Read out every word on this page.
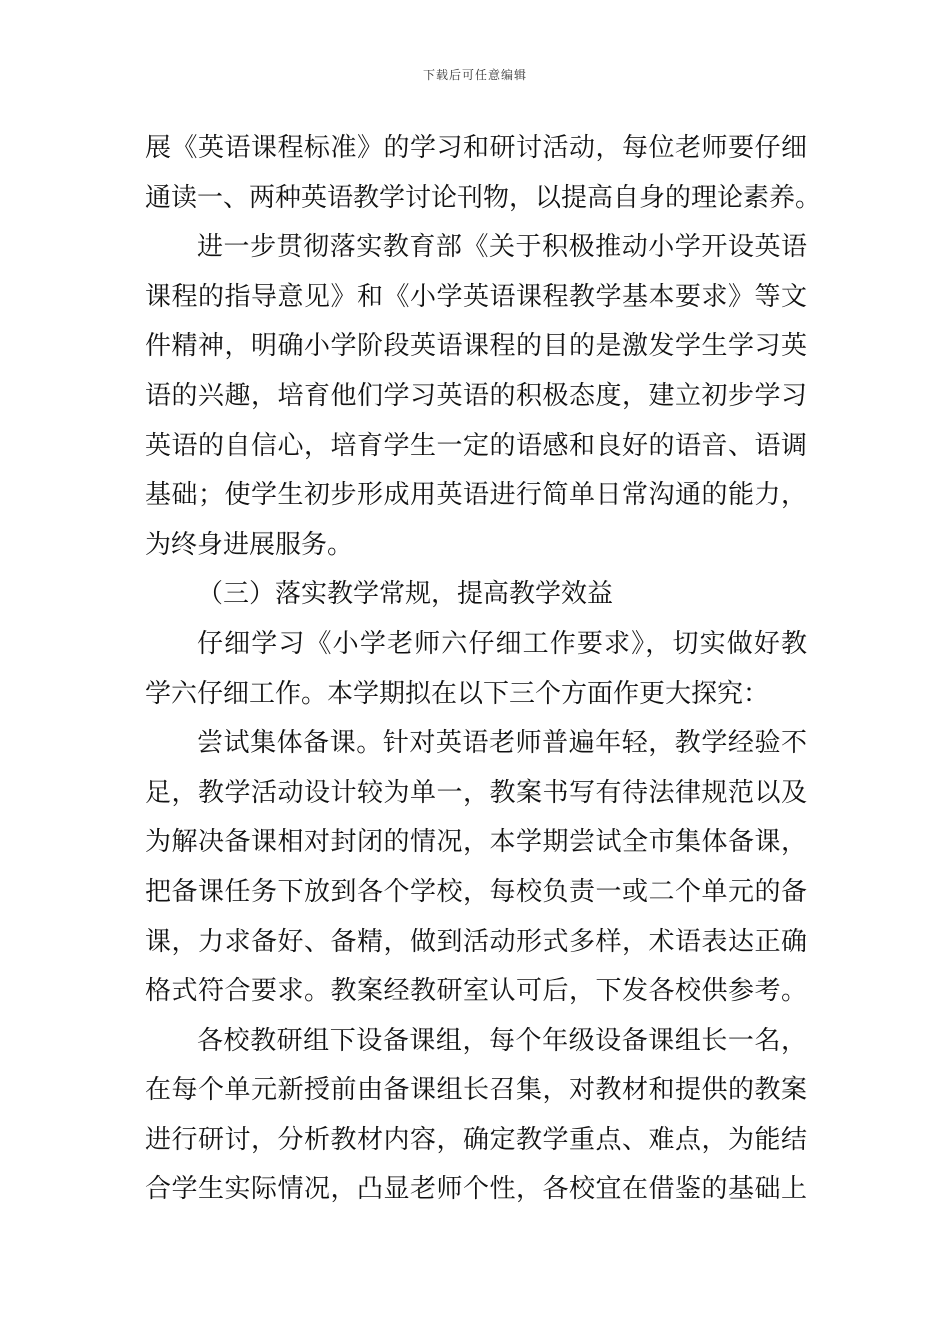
下载后可任意编辑
展《英语课程标准》的学习和研讨活动，每位老师要仔细
通读一、两种英语教学讨论刊物，以提高自身的理论素养。
进一步贯彻落实教育部《关于积极推动小学开设英语
课程的指导意见》和《小学英语课程教学基本要求》等文
件精神，明确小学阶段英语课程的目的是激发学生学习英
语的兴趣，培育他们学习英语的积极态度，建立初步学习
英语的自信心，培育学生一定的语感和良好的语音、语调
基础；使学生初步形成用英语进行简单日常沟通的能力，
为终身进展服务。
（三）落实教学常规，提高教学效益
仔细学习《小学老师六仔细工作要求》，切实做好教
学六仔细工作。本学期拟在以下三个方面作更大探究：
尝试集体备课。针对英语老师普遍年轻，教学经验不
足，教学活动设计较为单一，教案书写有待法律规范以及
为解决备课相对封闭的情况，本学期尝试全市集体备课，
把备课任务下放到各个学校，每校负责一或二个单元的备
课，力求备好、备精，做到活动形式多样，术语表达正确
格式符合要求。教案经教研室认可后，下发各校供参考。
各校教研组下设备课组，每个年级设备课组长一名，
在每个单元新授前由备课组长召集，对教材和提供的教案
进行研讨，分析教材内容，确定教学重点、难点，为能结
合学生实际情况，凸显老师个性，各校宜在借鉴的基础上
